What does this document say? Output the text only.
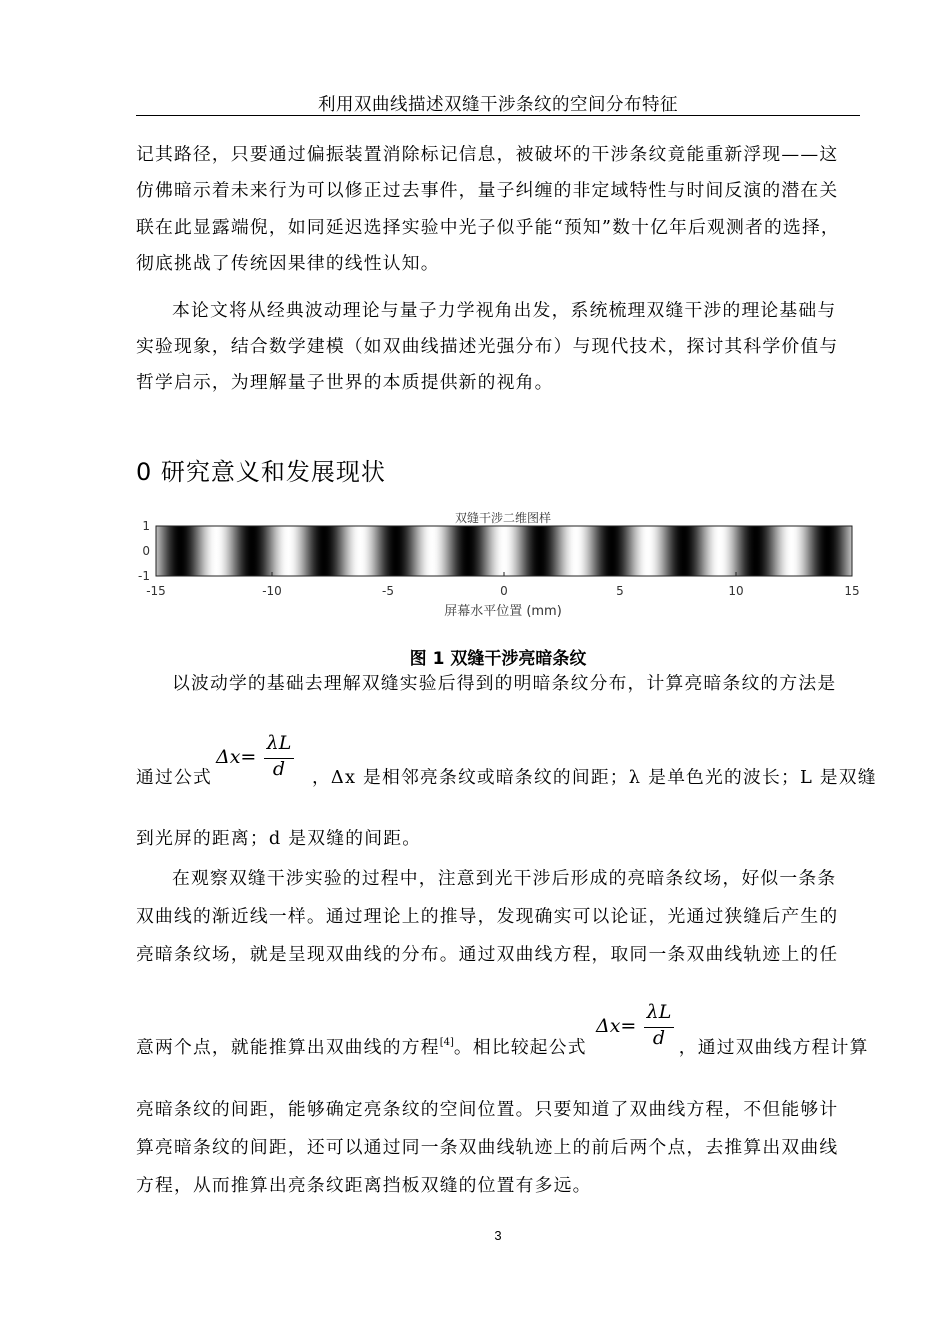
利用双曲线描述双缝干涉条纹的空间分布特征
记其路径，只要通过偏振装置消除标记信息，被破坏的干涉条纹竟能重新浮现——这
仿佛暗示着未来行为可以修正过去事件，量子纠缠的非定域特性与时间反演的潜在关
联在此显露端倪，如同延迟选择实验中光子似乎能“预知”数十亿年后观测者的选择，
彻底挑战了传统因果律的线性认知。
本论文将从经典波动理论与量子力学视角出发，系统梳理双缝干涉的理论基础与
实验现象，结合数学建模（如双曲线描述光强分布）与现代技术，探讨其科学价值与
哲学启示，为理解量子世界的本质提供新的视角。
0 研究意义和发展现状
双缝干涉二维图样
-15	-10	-5	0	5	10	15
1
0
-1
屏幕水平位置 (mm)
图 1 双缝干涉亮暗条纹
以波动学的基础去理解双缝实验后得到的明暗条纹分布，计算亮暗条纹的方法是
通过公式	，Δx 是相邻亮条纹或暗条纹的间距；λ 是单色光的波长；L 是双缝
Δx=
λL
d
到光屏的距离；d 是双缝的间距。
在观察双缝干涉实验的过程中，注意到光干涉后形成的亮暗条纹场，好似一条条
双曲线的渐近线一样。通过理论上的推导，发现确实可以论证，光通过狭缝后产生的
亮暗条纹场，就是呈现双曲线的分布。通过双曲线方程，取同一条双曲线轨迹上的任
意两个点，就能推算出双曲线的方程[4]。相比较起公式	，通过双曲线方程计算
Δx=
λL
d
亮暗条纹的间距，能够确定亮条纹的空间位置。只要知道了双曲线方程，不但能够计
算亮暗条纹的间距，还可以通过同一条双曲线轨迹上的前后两个点，去推算出双曲线
方程，从而推算出亮条纹距离挡板双缝的位置有多远。
3
